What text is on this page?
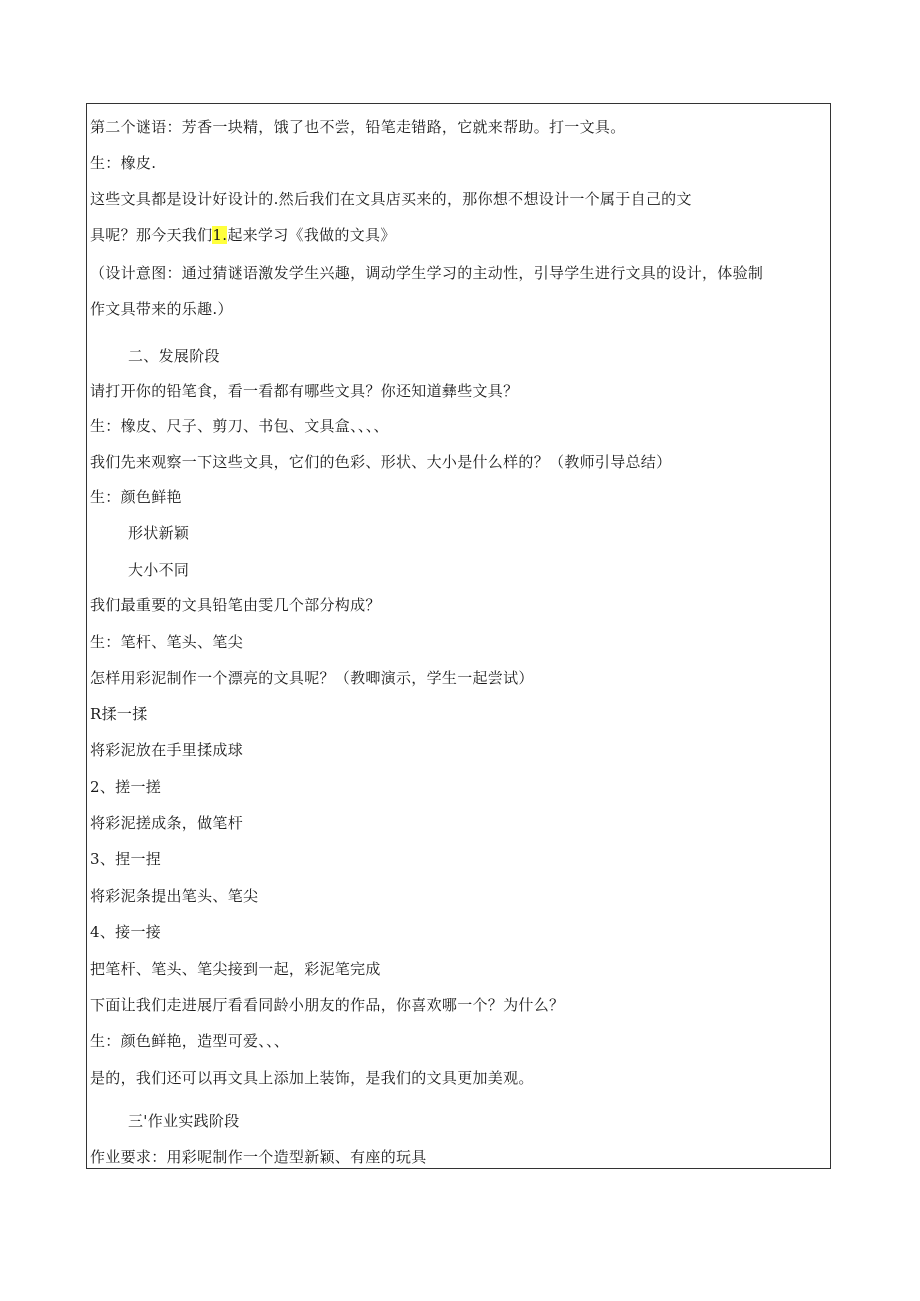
第二个谜语：芳香一块精，饿了也不尝，铅笔走错路，它就来帮助。打一文具。
生：橡皮.
这些文具都是设计好设计的.然后我们在文具店买来的，那你想不想设计一个属于自己的文
具呢？那今天我们1.起来学习《我做的文具》
（设计意图：通过猜谜语激发学生兴趣，调动学生学习的主动性，引导学生进行文具的设计，体验制
作文具带来的乐趣.）
二、发展阶段
请打开你的铅笔食，看一看都有哪些文具？你还知道彝些文具？
生：橡皮、尺子、剪刀、书包、文具盒、、、、
我们先来观察一下这些文具，它们的色彩、形状、大小是什么样的？（教师引导总结）
生：颜色鲜艳
形状新颖
大小不同
我们最重要的文具铅笔由雯几个部分构成？
生：笔杆、笔头、笔尖
怎样用彩泥制作一个漂亮的文具呢？（教唧演示，学生一起尝试）
R揉一揉
将彩泥放在手里揉成球
2、搓一搓
将彩泥搓成条，做笔杆
3、捏一捏
将彩泥条提出笔头、笔尖
4、接一接
把笔杆、笔头、笔尖接到一起，彩泥笔完成
下面让我们走进展厅看看同龄小朋友的作品，你喜欢哪一个？为什么？
生：颜色鲜艳，造型可爱、、、
是的，我们还可以再文具上添加上装饰，是我们的文具更加美观。
三'作业实践阶段
作业要求：用彩呢制作一个造型新颖、有座的玩具
